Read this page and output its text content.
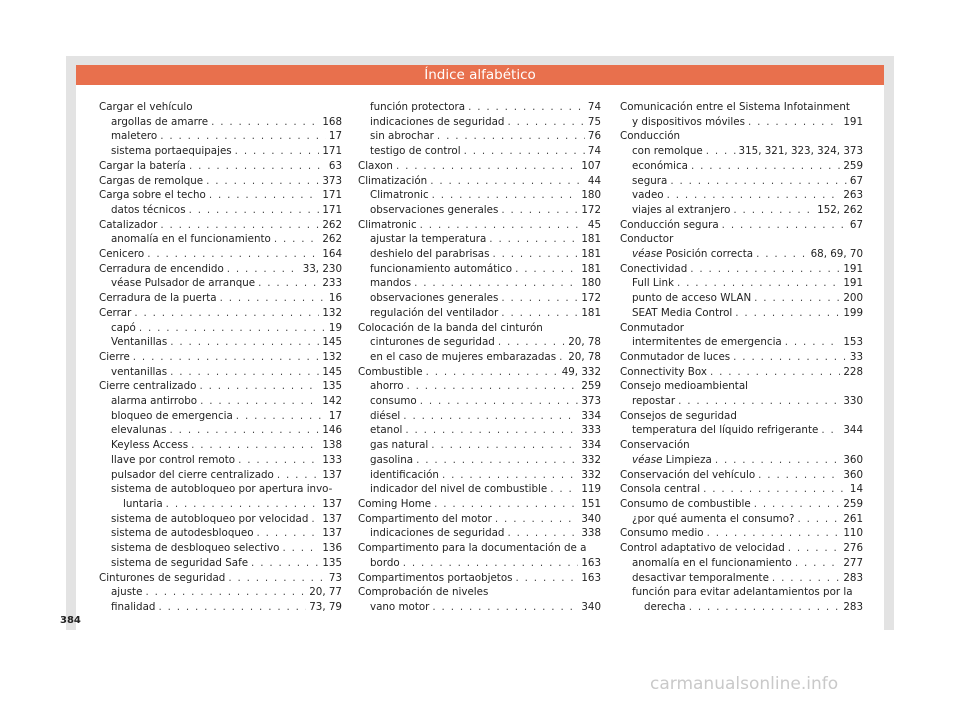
Índice alfabético
Cargar el vehículo
argollas de amarre . . .	168
maletero . . .	17
sistema portaequipajes . . .	171
Cargar la batería . . .	63
Cargas de remolque . . .	373
Carga sobre el techo . . .	171
datos técnicos . . .	171
Catalizador . . .	262
anomalía en el funcionamiento . . .	262
Cenicero . . .	164
Cerradura de encendido . . .	33, 230
véase Pulsador de arranque . . .	233
Cerradura de la puerta . . .	16
Cerrar . . .	132
capó . . .	19
Ventanillas . . .	145
Cierre . . .	132
ventanillas . . .	145
Cierre centralizado . . .	135
alarma antirrobo . . .	142
bloqueo de emergencia . . .	17
elevalunas . . .	146
Keyless Access . . .	138
llave por control remoto . . .	133
pulsador del cierre centralizado . . .	137
sistema de autobloqueo por apertura invo-
luntaria . . .	137
sistema de autobloqueo por velocidad . . . 137
sistema de autodesbloqueo . . .	137
sistema de desbloqueo selectivo . . .	136
sistema de seguridad Safe . . .	135
Cinturones de seguridad . . .	73
ajuste . . .	20, 77
finalidad . . .	73, 79
función protectora . . .	74
indicaciones de seguridad . . .	75
sin abrochar . . .	76
testigo de control . . .	74
Claxon . . .	107
Climatización . . .	44
Climatronic . . .	180
observaciones generales . . .	172
Climatronic . . .	45
ajustar la temperatura . . .	181
deshielo del parabrisas . . .	181
funcionamiento automático . . .	181
mandos . . .	180
observaciones generales . . .	172
regulación del ventilador . . .	181
Colocación de la banda del cinturón
cinturones de seguridad . . .	20, 78
en el caso de mujeres embarazadas . . . 20, 78
Combustible . . .	49, 332
ahorro . . .	259
consumo . . .	373
diésel . . .	334
etanol . . .	333
gas natural . . .	334
gasolina . . .	332
identificación . . .	332
indicador del nivel de combustible . . .	119
Coming Home . . .	151
Compartimento del motor . . .	340
indicaciones de seguridad . . .	338
Compartimento para la documentación de a
bordo . . .	163
Compartimentos portaobjetos . . .	163
Comprobación de niveles
vano motor . . .	340
Comunicación entre el Sistema Infotainment
y dispositivos móviles . . .	191
Conducción
con remolque . . .	315, 321, 323, 324, 373
económica . . .	259
segura . . .	67
vadeo . . .	263
viajes al extranjero . . .	152, 262
Conducción segura . . .	67
Conductor
véase Posición correcta . . .	68, 69, 70
Conectividad . . .	191
Full Link . . .	191
punto de acceso WLAN . . .	200
SEAT Media Control . . .	199
Conmutador
intermitentes de emergencia . . .	153
Conmutador de luces . . .	33
Connectivity Box . . .	228
Consejo medioambiental
repostar . . .	330
Consejos de seguridad
temperatura del líquido refrigerante . . . 344
Conservación
véase Limpieza . . .	360
Conservación del vehículo . . .	360
Consola central . . .	14
Consumo de combustible . . .	259
¿por qué aumenta el consumo? . . .	261
Consumo medio . . .	110
Control adaptativo de velocidad . . .	276
anomalía en el funcionamiento . . .	277
desactivar temporalmente . . .	283
función para evitar adelantamientos por la
derecha . . .	283
384
carmanualsonline.info
